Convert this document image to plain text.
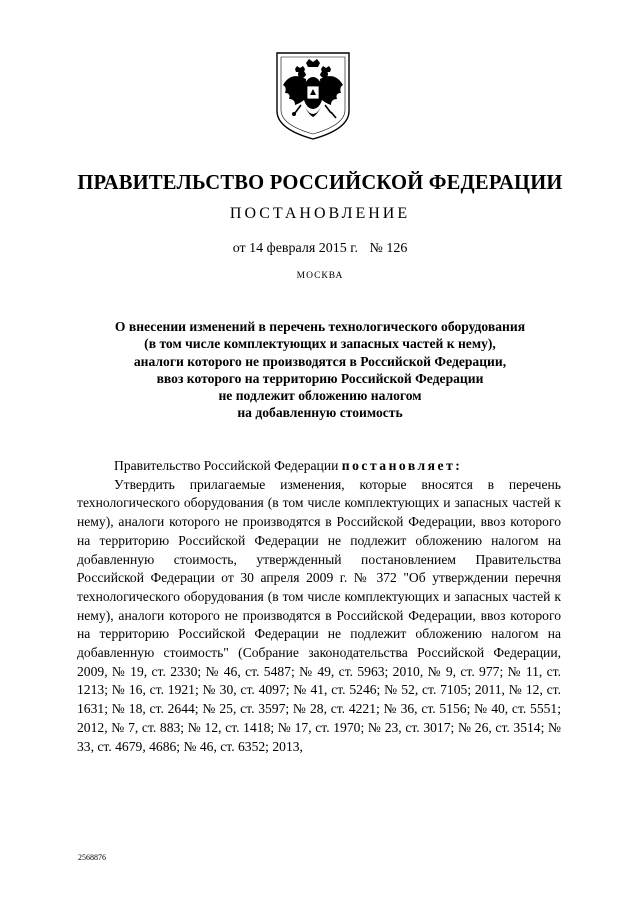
ПРАВИТЕЛЬСТВО РОССИЙСКОЙ ФЕДЕРАЦИИ
ПОСТАНОВЛЕНИЕ
от 14 февраля 2015 г. № 126
МОСКВА
О внесении изменений в перечень технологического оборудования
(в том числе комплектующих и запасных частей к нему),
аналоги которого не производятся в Российской Федерации,
ввоз которого на территорию Российской Федерации
не подлежит обложению налогом
на добавленную стоимость

Правительство Российской Федерации постановляет:

Утвердить прилагаемые изменения, которые вносятся в перечень технологического оборудования (в том числе комплектующих и запасных частей к нему), аналоги которого не производятся в Российской Федерации, ввоз которого на территорию Российской Федерации не подлежит обложению налогом на добавленную стоимость, утвержденный постановлением Правительства Российской Федерации от 30 апреля 2009 г. № 372 "Об утверждении перечня технологического оборудования (в том числе комплектующих и запасных частей к нему), аналоги которого не производятся в Российской Федерации, ввоз которого на территорию Российской Федерации не подлежит обложению налогом на добавленную стоимость" (Собрание законодательства Российской Федерации, 2009, № 19, ст. 2330; № 46, ст. 5487; № 49, ст. 5963; 2010, № 9, ст. 977; № 11, ст. 1213; № 16, ст. 1921; № 30, ст. 4097; № 41, ст. 5246; № 52, ст. 7105; 2011, № 12, ст. 1631; № 18, ст. 2644; № 25, ст. 3597; № 28, ст. 4221; № 36, ст. 5156; № 40, ст. 5551; 2012, № 7, ст. 883; № 12, ст. 1418; № 17, ст. 1970; № 23, ст. 3017; № 26, ст. 3514; № 33, ст. 4679, 4686; № 46, ст. 6352; 2013,

2568876
